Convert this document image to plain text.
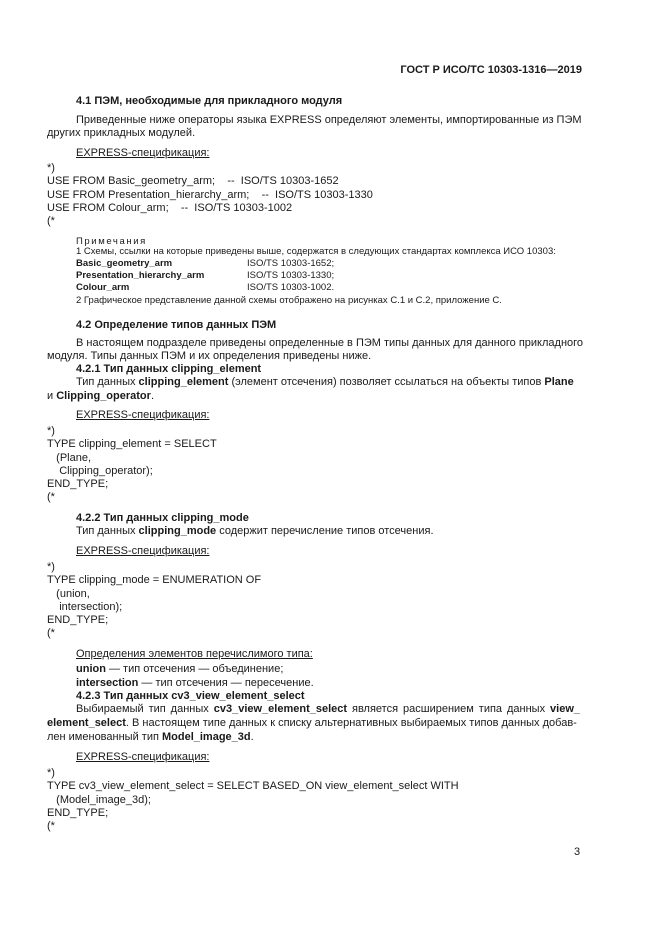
ГОСТ Р ИСО/ТС 10303-1316—2019
4.1 ПЭМ, необходимые для прикладного модуля
Приведенные ниже операторы языка EXPRESS определяют элементы, импортированные из ПЭМ
других прикладных модулей.
EXPRESS-спецификация:
*)
USE FROM Basic_geometry_arm;    --  ISO/TS 10303-1652
USE FROM Presentation_hierarchy_arm;    --  ISO/TS 10303-1330
USE FROM Colour_arm;    --  ISO/TS 10303-1002
(*
Примечания
1 Схемы, ссылки на которые приведены выше, содержатся в следующих стандартах комплекса ИСО 10303:
Basic_geometry_arm	ISO/TS 10303-1652;
Presentation_hierarchy_arm	ISO/TS 10303-1330;
Colour_arm	ISO/TS 10303-1002.
2 Графическое представление данной схемы отображено на рисунках С.1 и С.2, приложение С.
4.2 Определение типов данных ПЭМ
В настоящем подразделе приведены определенные в ПЭМ типы данных для данного прикладного
модуля. Типы данных ПЭМ и их определения приведены ниже.
4.2.1 Тип данных clipping_element
Тип данных clipping_element (элемент отсечения) позволяет ссылаться на объекты типов Plane
и Clipping_operator.
EXPRESS-спецификация:
*)
TYPE clipping_element = SELECT
(Plane,
Clipping_operator);
END_TYPE;
(*
4.2.2 Тип данных clipping_mode
Тип данных clipping_mode содержит перечисление типов отсечения.
EXPRESS-спецификация:
*)
TYPE clipping_mode = ENUMERATION OF
(union,
intersection);
END_TYPE;
(*
Определения элементов перечислимого типа:
union — тип отсечения — объединение;
intersection — тип отсечения — пересечение.
4.2.3 Тип данных cv3_view_element_select
Выбираемый тип данных cv3_view_element_select является расширением типа данных view_
element_select. В настоящем типе данных к списку альтернативных выбираемых типов данных добав-
лен именованный тип Model_image_3d.
EXPRESS-спецификация:
*)
TYPE cv3_view_element_select = SELECT BASED_ON view_element_select WITH
(Model_image_3d);
END_TYPE;
(*
3
